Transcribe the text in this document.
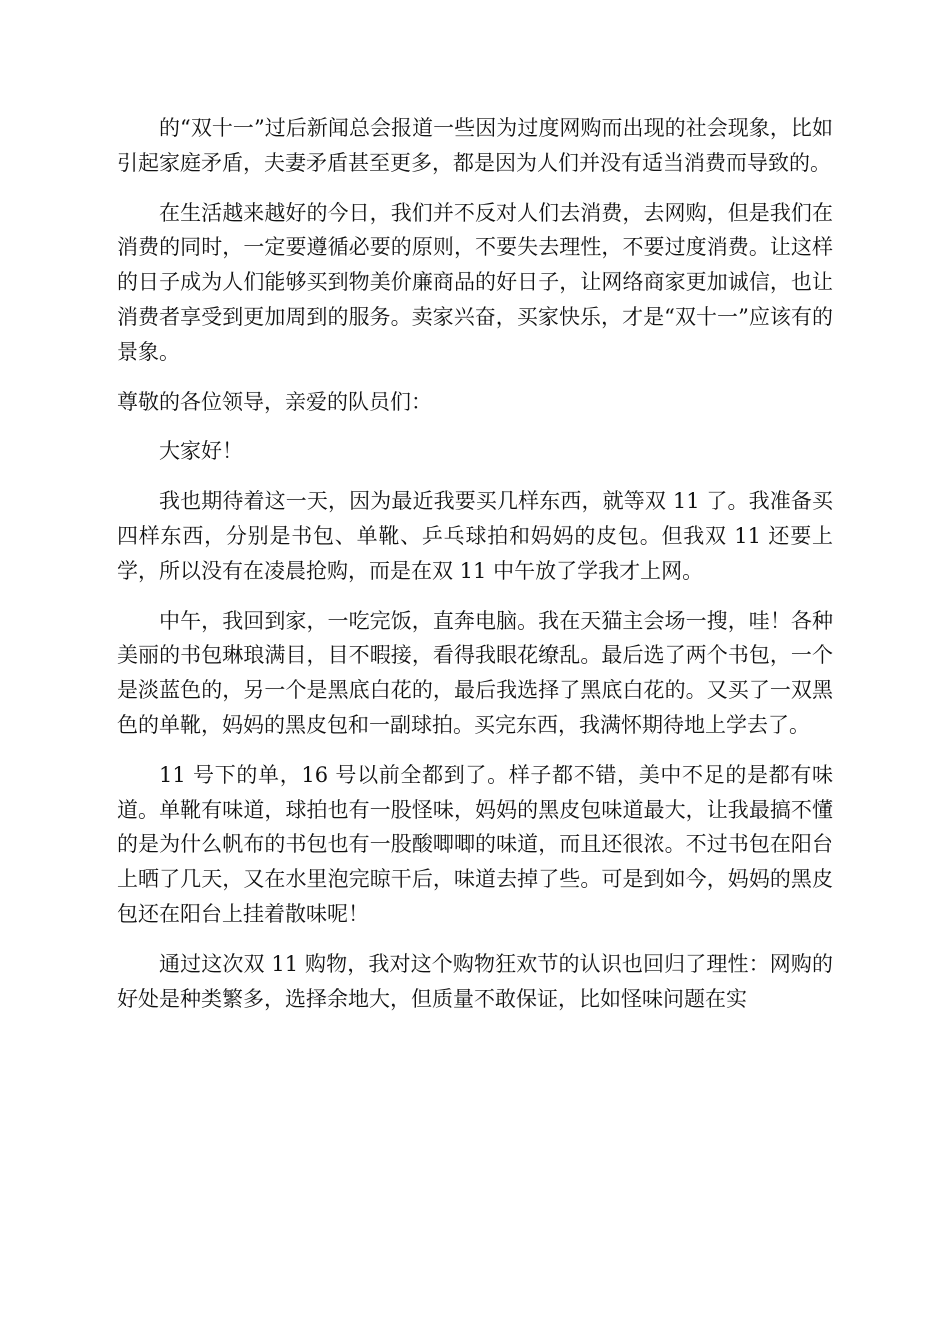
的“双十一”过后新闻总会报道一些因为过度网购而出现的社会现象，比如引起家庭矛盾，夫妻矛盾甚至更多，都是因为人们并没有适当消费而导致的。

在生活越来越好的今日，我们并不反对人们去消费，去网购，但是我们在消费的同时，一定要遵循必要的原则，不要失去理性，不要过度消费。让这样的日子成为人们能够买到物美价廉商品的好日子，让网络商家更加诚信，也让消费者享受到更加周到的服务。卖家兴奋，买家快乐，才是“双十一”应该有的景象。

尊敬的各位领导，亲爱的队员们：

大家好！

我也期待着这一天，因为最近我要买几样东西，就等双 11 了。我准备买四样东西，分别是书包、单靴、乒乓球拍和妈妈的皮包。但我双 11 还要上学，所以没有在凌晨抢购，而是在双 11 中午放了学我才上网。

中午，我回到家，一吃完饭，直奔电脑。我在天猫主会场一搜，哇！各种美丽的书包琳琅满目，目不暇接，看得我眼花缭乱。最后选了两个书包，一个是淡蓝色的，另一个是黑底白花的，最后我选择了黑底白花的。又买了一双黑色的单靴，妈妈的黑皮包和一副球拍。买完东西，我满怀期待地上学去了。

11 号下的单，16 号以前全都到了。样子都不错，美中不足的是都有味道。单靴有味道，球拍也有一股怪味，妈妈的黑皮包味道最大，让我最搞不懂的是为什么帆布的书包也有一股酸唧唧的味道，而且还很浓。不过书包在阳台上晒了几天，又在水里泡完晾干后，味道去掉了些。可是到如今，妈妈的黑皮包还在阳台上挂着散味呢！

通过这次双 11 购物，我对这个购物狂欢节的认识也回归了理性：网购的好处是种类繁多，选择余地大，但质量不敢保证，比如怪味问题在实
